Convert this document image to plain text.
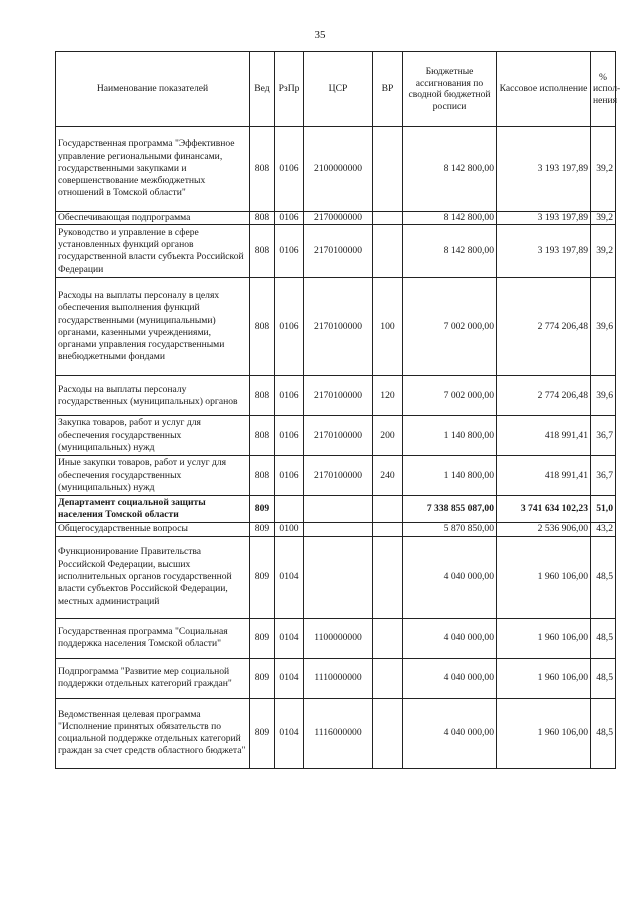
35
Наименование показателей	Вед	РзПр	ЦСР	ВР	Бюджетные ассигнования по сводной бюджетной росписи	Кассовое исполнение	% испол- нения
Государственная программа "Эффективное управление региональными финансами, государственными закупками и совершенствование межбюджетных отношений в Томской области"	808	0106	2100000000		8 142 800,00	3 193 197,89	39,2
Обеспечивающая подпрограмма	808	0106	2170000000		8 142 800,00	3 193 197,89	39,2
Руководство и управление в сфере установленных функций органов государственной власти субъекта Российской Федерации	808	0106	2170100000		8 142 800,00	3 193 197,89	39,2
Расходы на выплаты персоналу в целях обеспечения выполнения функций государственными (муниципальными) органами, казенными учреждениями, органами управления государственными внебюджетными фондами	808	0106	2170100000	100	7 002 000,00	2 774 206,48	39,6
Расходы на выплаты персоналу государственных (муниципальных) органов	808	0106	2170100000	120	7 002 000,00	2 774 206,48	39,6
Закупка товаров, работ и услуг для обеспечения государственных (муниципальных) нужд	808	0106	2170100000	200	1 140 800,00	418 991,41	36,7
Иные закупки товаров, работ и услуг для обеспечения государственных (муниципальных) нужд	808	0106	2170100000	240	1 140 800,00	418 991,41	36,7
Департамент социальной защиты населения Томской области	809				7 338 855 087,00	3 741 634 102,23	51,0
Общегосударственные вопросы	809	0100			5 870 850,00	2 536 906,00	43,2
Функционирование Правительства Российской Федерации, высших исполнительных органов государственной власти субъектов Российской Федерации, местных администраций	809	0104			4 040 000,00	1 960 106,00	48,5
Государственная программа "Социальная поддержка населения Томской области"	809	0104	1100000000		4 040 000,00	1 960 106,00	48,5
Подпрограмма "Развитие мер социальной поддержки отдельных категорий граждан"	809	0104	1110000000		4 040 000,00	1 960 106,00	48,5
Ведомственная целевая программа "Исполнение принятых обязательств по социальной поддержке отдельных категорий граждан за счет средств областного бюджета"	809	0104	1116000000		4 040 000,00	1 960 106,00	48,5
